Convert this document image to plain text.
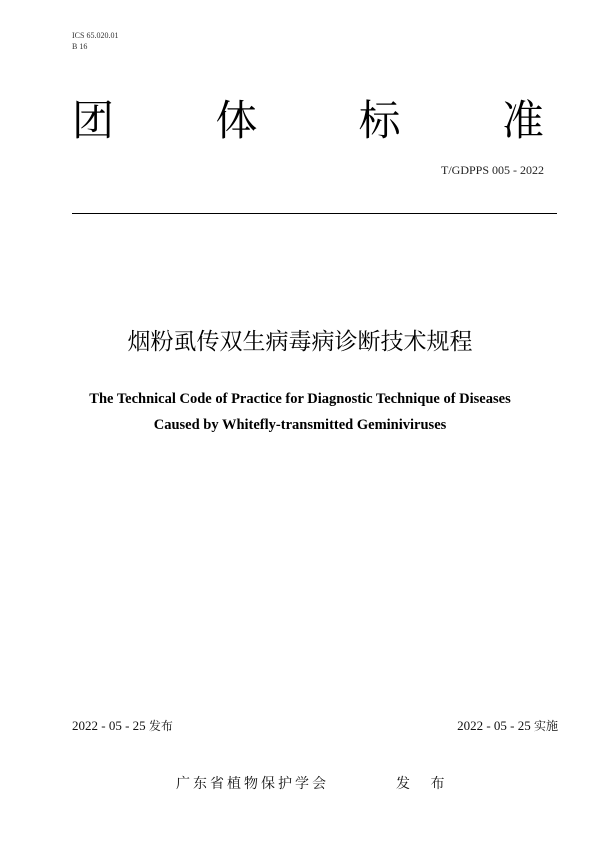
ICS 65.020.01
B 16
团 体 标 准
T/GDPPS 005 - 2022
烟粉虱传双生病毒病诊断技术规程
The Technical Code of Practice for Diagnostic Technique of Diseases
Caused by Whitefly-transmitted Geminiviruses
2022 - 05 - 25 发布	2022 - 05 - 25 实施
广东省植物保护学会	发 布
